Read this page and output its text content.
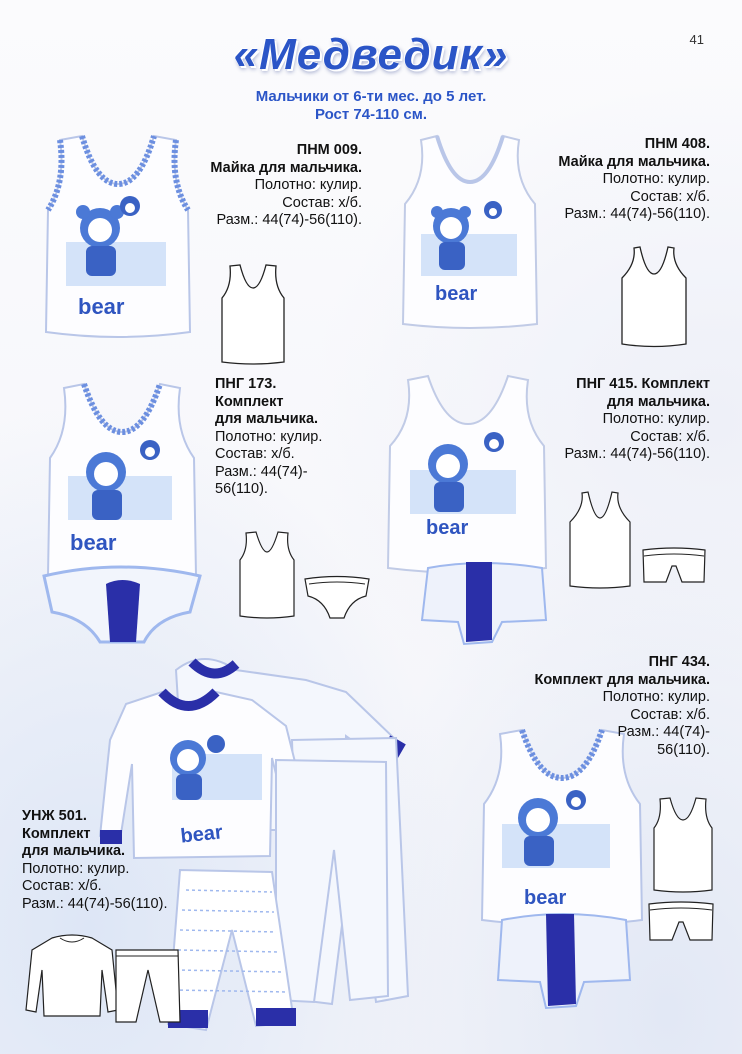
41
«Медведик»
Мальчики от 6-ти мес. до 5 лет.
Рост 74-110 см.
bear
ПНМ 009.
Майка для мальчика.
Полотно: кулир.
Состав: х/б.
Разм.: 44(74)-56(110).
bear
ПНМ 408.
Майка для мальчика.
Полотно: кулир.
Состав: х/б.
Разм.: 44(74)-56(110).
bear
ПНГ 173.
Комплект
для мальчика.
Полотно: кулир.
Состав: х/б.
Разм.: 44(74)-
56(110).
bear
ПНГ 415. Комплект
для мальчика.
Полотно: кулир.
Состав: х/б.
Разм.: 44(74)-56(110).
bear
УНЖ 501.
Комплект
для мальчика.
Полотно: кулир.
Состав: х/б.
Разм.: 44(74)-56(110).	bear
ПНГ 434.
Комплект для мальчика.
Полотно: кулир.
Состав: х/б.
Разм.: 44(74)-
56(110).
